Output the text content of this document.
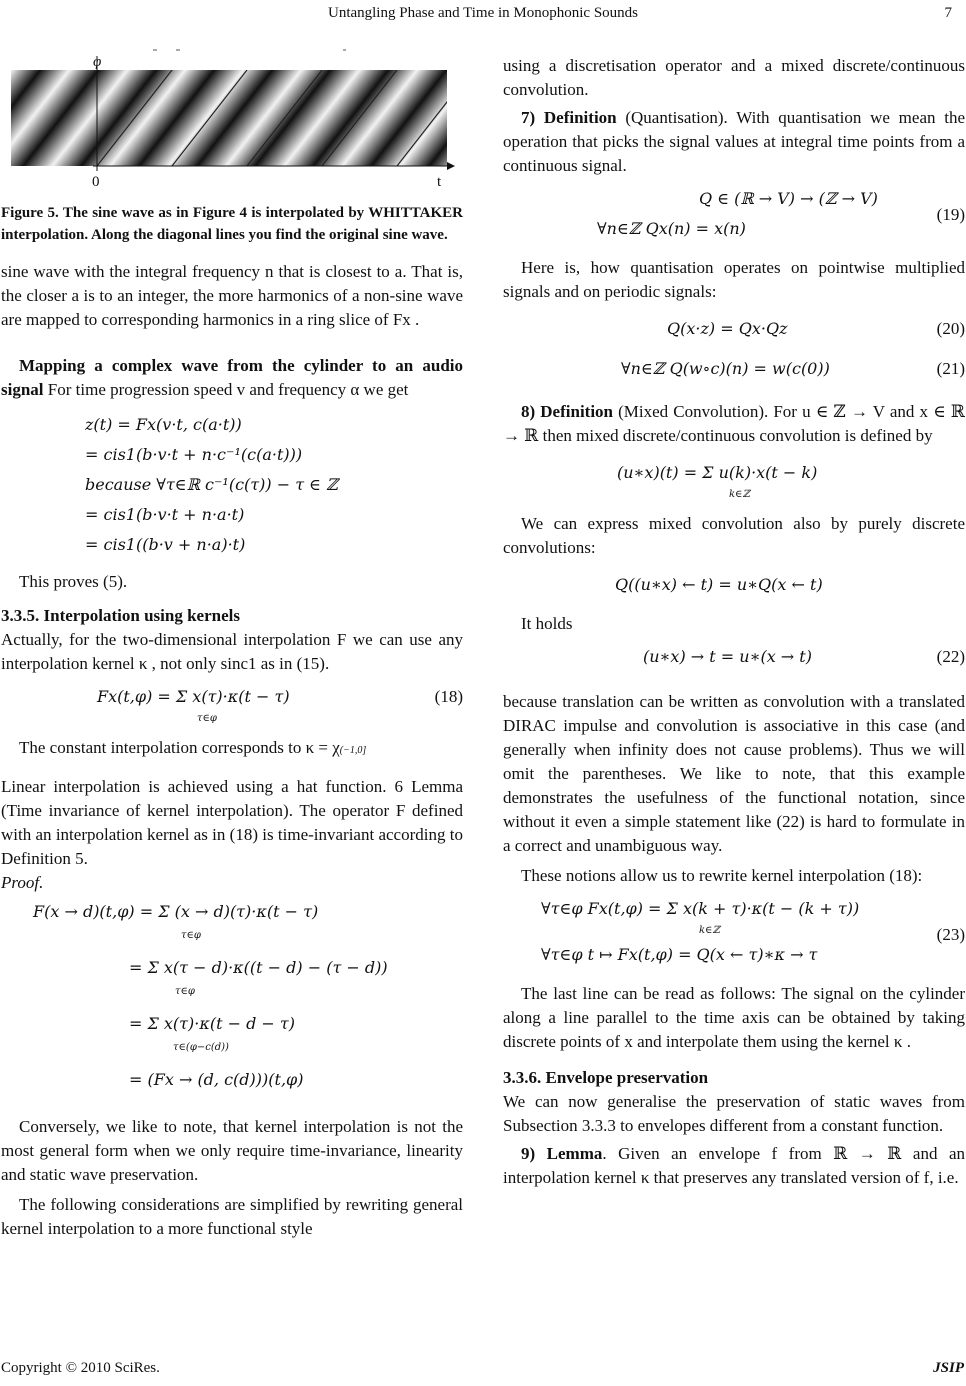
Untangling Phase and Time in Monophonic Sounds	7
φ
0	t

Figure 5. The sine wave as in Figure 4 is interpolated by WHITTAKER interpolation. Along the diagonal lines you find the original sine wave.

sine wave with the integral frequency n that is closest to a. That is, the closer a is to an integer, the more harmonics of a non-sine wave are mapped to corresponding harmonics in a ring slice of Fx .

Mapping a complex wave from the cylinder to an audio signal For time progression speed v and frequency α we get

z(t) = Fx(v·t, c(a·t))
= cis1(b·v·t + n·c⁻¹(c(a·t)))
because ∀τ∈ℝ c⁻¹(c(τ)) − τ ∈ ℤ
= cis1(b·v·t + n·a·t)
= cis1((b·v + n·a)·t)

This proves (5).

3.3.5. Interpolation using kernels

Actually, for the two-dimensional interpolation F we can use any interpolation kernel κ , not only sinc1 as in (15).

Fx(t,φ) = Σ x(τ)·κ(t − τ)
τ∈φ
(18)

The constant interpolation corresponds to κ = χ(−1,0]

Linear interpolation is achieved using a hat function. 6 Lemma (Time invariance of kernel interpolation). The operator F defined with an interpolation kernel as in (18) is time-invariant according to Definition 5.

Proof.

F(x → d)(t,φ) = Σ (x → d)(τ)·κ(t − τ)
τ∈φ
= Σ x(τ − d)·κ((t − d) − (τ − d))
τ∈φ
= Σ x(τ)·κ(t − d − τ)
τ∈(φ−c(d))
= (Fx → (d, c(d)))(t,φ)

Conversely, we like to note, that kernel interpolation is not the most general form when we only require time-invariance, linearity and static wave preservation.

The following considerations are simplified by rewriting general kernel interpolation to a more functional style

using a discretisation operator and a mixed discrete/continuous convolution.

7) Definition (Quantisation). With quantisation we mean the operation that picks the signal values at integral time points from a continuous signal.

Q ∈ (ℝ → V) → (ℤ → V)
∀n∈ℤ Qx(n) = x(n)
(19)

Here is, how quantisation operates on pointwise multiplied signals and on periodic signals:

Q(x·z) = Qx·Qz	(20)
∀n∈ℤ Q(w∘c)(n) = w(c(0))	(21)

8) Definition (Mixed Convolution). For u ∈ ℤ → V and x ∈ ℝ → ℝ then mixed discrete/continuous convolution is defined by

(u∗x)(t) = Σ u(k)·x(t − k)
k∈ℤ

We can express mixed convolution also by purely discrete convolutions:

Q((u∗x) ← t) = u∗Q(x ← t)

It holds

(u∗x) → t = u∗(x → t)	(22)

because translation can be written as convolution with a translated DIRAC impulse and convolution is associative in this case (and generally when infinity does not cause problems). Thus we will omit the parentheses. We like to note, that this example demonstrates the usefulness of the functional notation, since without it even a simple statement like (22) is hard to formulate in a correct and unambiguous way.

These notions allow us to rewrite kernel interpolation (18):

∀τ∈φ Fx(t,φ) = Σ x(k + τ)·κ(t − (k + τ))
k∈ℤ
∀τ∈φ t ↦ Fx(t,φ) = Q(x ← τ)∗κ → τ
(23)

The last line can be read as follows: The signal on the cylinder along a line parallel to the time axis can be obtained by taking discrete points of x and interpolate them using the kernel κ .

3.3.6. Envelope preservation

We can now generalise the preservation of static waves from Subsection 3.3.3 to envelopes different from a constant function.

9) Lemma. Given an envelope f from ℝ → ℝ and an interpolation kernel κ that preserves any translated version of f, i.e.

Copyright © 2010 SciRes.	JSIP
